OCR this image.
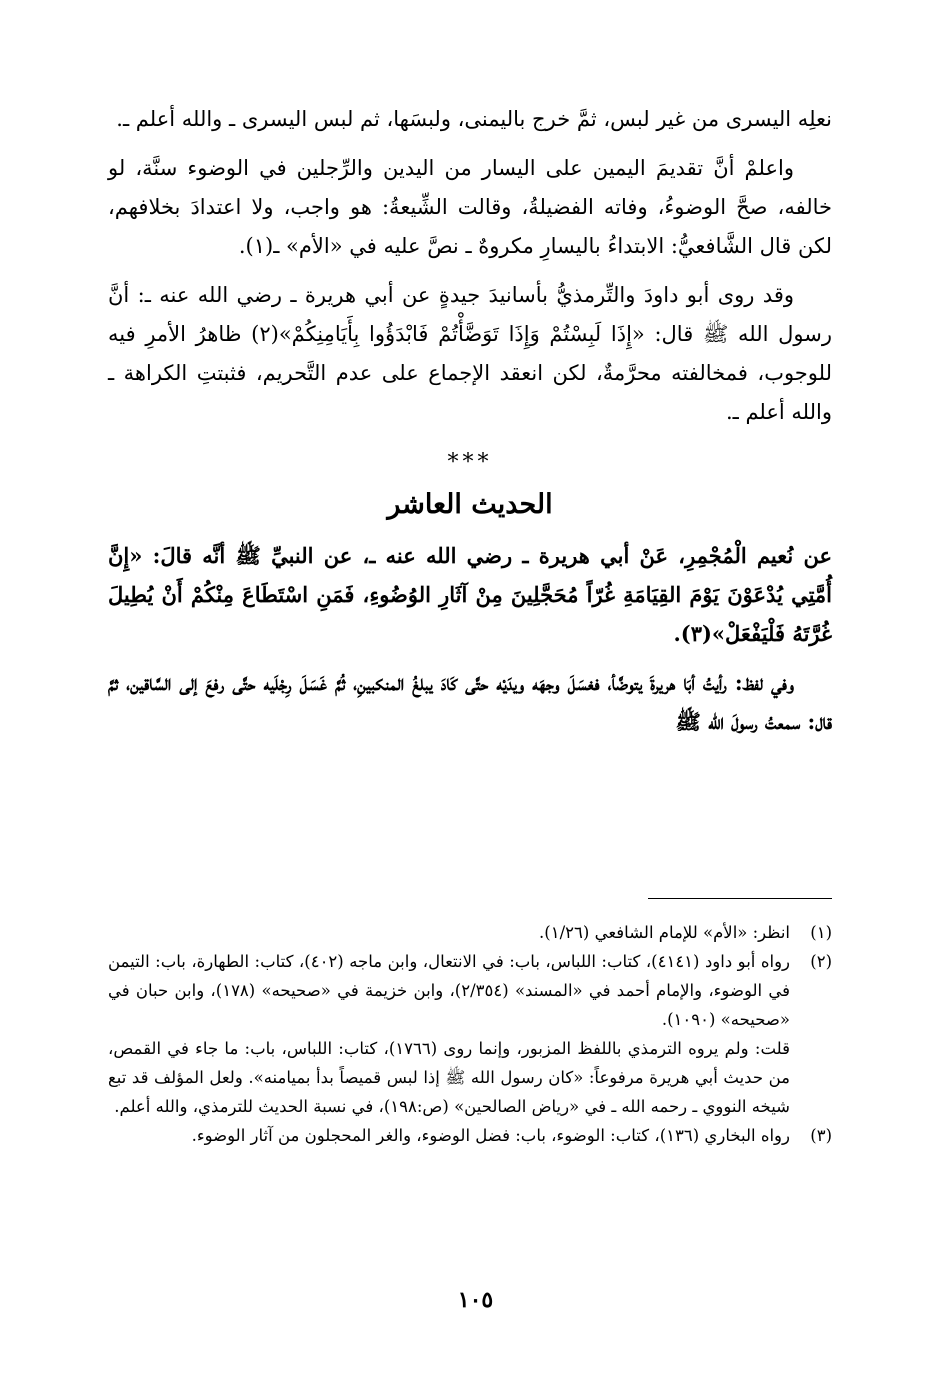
نعلِه اليسرى من غير لبس، ثمَّ خرج باليمنى، ولبسَها، ثم لبس اليسرى ـ والله أعلم ـ.

واعلمْ أنَّ تقديمَ اليمين على اليسار من اليدين والرِّجلين في الوضوء سنَّة، لو خالفه، صحَّ الوضوءُ، وفاته الفضيلةُ، وقالت الشِّيعةُ: هو واجب، ولا اعتدادَ بخلافهم، لكن قال الشَّافعيُّ: الابتداءُ باليسارِ مكروهٌ ـ نصَّ عليه في «الأم» ـ(١).

وقد روى أبو داودَ والتِّرمذيُّ بأسانيدَ جيدةٍ عن أبي هريرة ـ رضي الله عنه ـ: أنَّ رسول الله ﷺ قال: «إِذَا لَبِسْتُمْ وَإِذَا تَوَضَّأْتُمْ فَابْدَؤُوا بِأَيَامِنِكُمْ»(٢) ظاهرُ الأمرِ فيه للوجوب، فمخالفته محرَّمةٌ، لكن انعقد الإجماع على عدم التَّحريم، فثبتتِ الكراهة ـ والله أعلم ـ.

***
الحديث العاشر

عن نُعيم الْمُجْمِرِ، عَنْ أبي هريرة ـ رضي الله عنه ـ، عن النبيِّ ﷺ أنَّه قالَ: «إِنَّ أُمَّتِي يُدْعَوْنَ يَوْمَ القِيَامَةِ غُرّاً مُحَجَّلِينَ مِنْ آثَارِ الوُضُوءِ، فَمَنِ اسْتَطَاعَ مِنْكُمْ أَنْ يُطِيلَ غُرَّتَهُ فَلْيَفْعَلْ»(٣).

وفي لفظ: رأيتُ أبَا هريرةَ يتوضَّأ، فغسَلَ وجهَه ويدَيْه حتَّى كَادَ يبلغُ المنكبينِ، ثُمَّ غَسَلَ رِجْلَيه حتَّى رفعَ إلى السَّاقين، ثمَّ قال: سمعتُ رسولَ الله ﷺ

(١)
انظر: «الأم» للإمام الشافعي (١/٢٦).
(٢)
رواه أبو داود (٤١٤١)، كتاب: اللباس، باب: في الانتعال، وابن ماجه (٤٠٢)، كتاب: الطهارة، باب: التيمن في الوضوء، والإمام أحمد في «المسند» (٢/٣٥٤)، وابن خزيمة في «صحيحه» (١٧٨)، وابن حبان في «صحيحه» (١٠٩٠).
قلت: ولم يروه الترمذي باللفظ المزبور، وإنما روى (١٧٦٦)، كتاب: اللباس، باب: ما جاء في القمص، من حديث أبي هريرة مرفوعاً: «كان رسول الله ﷺ إذا لبس قميصاً بدأ بميامنه». ولعل المؤلف قد تبع شيخه النووي ـ رحمه الله ـ في «رياض الصالحين» (ص:١٩٨)، في نسبة الحديث للترمذي، والله أعلم.
(٣)
رواه البخاري (١٣٦)، كتاب: الوضوء، باب: فضل الوضوء، والغر المحجلون من آثار الوضوء.
١٠٥
